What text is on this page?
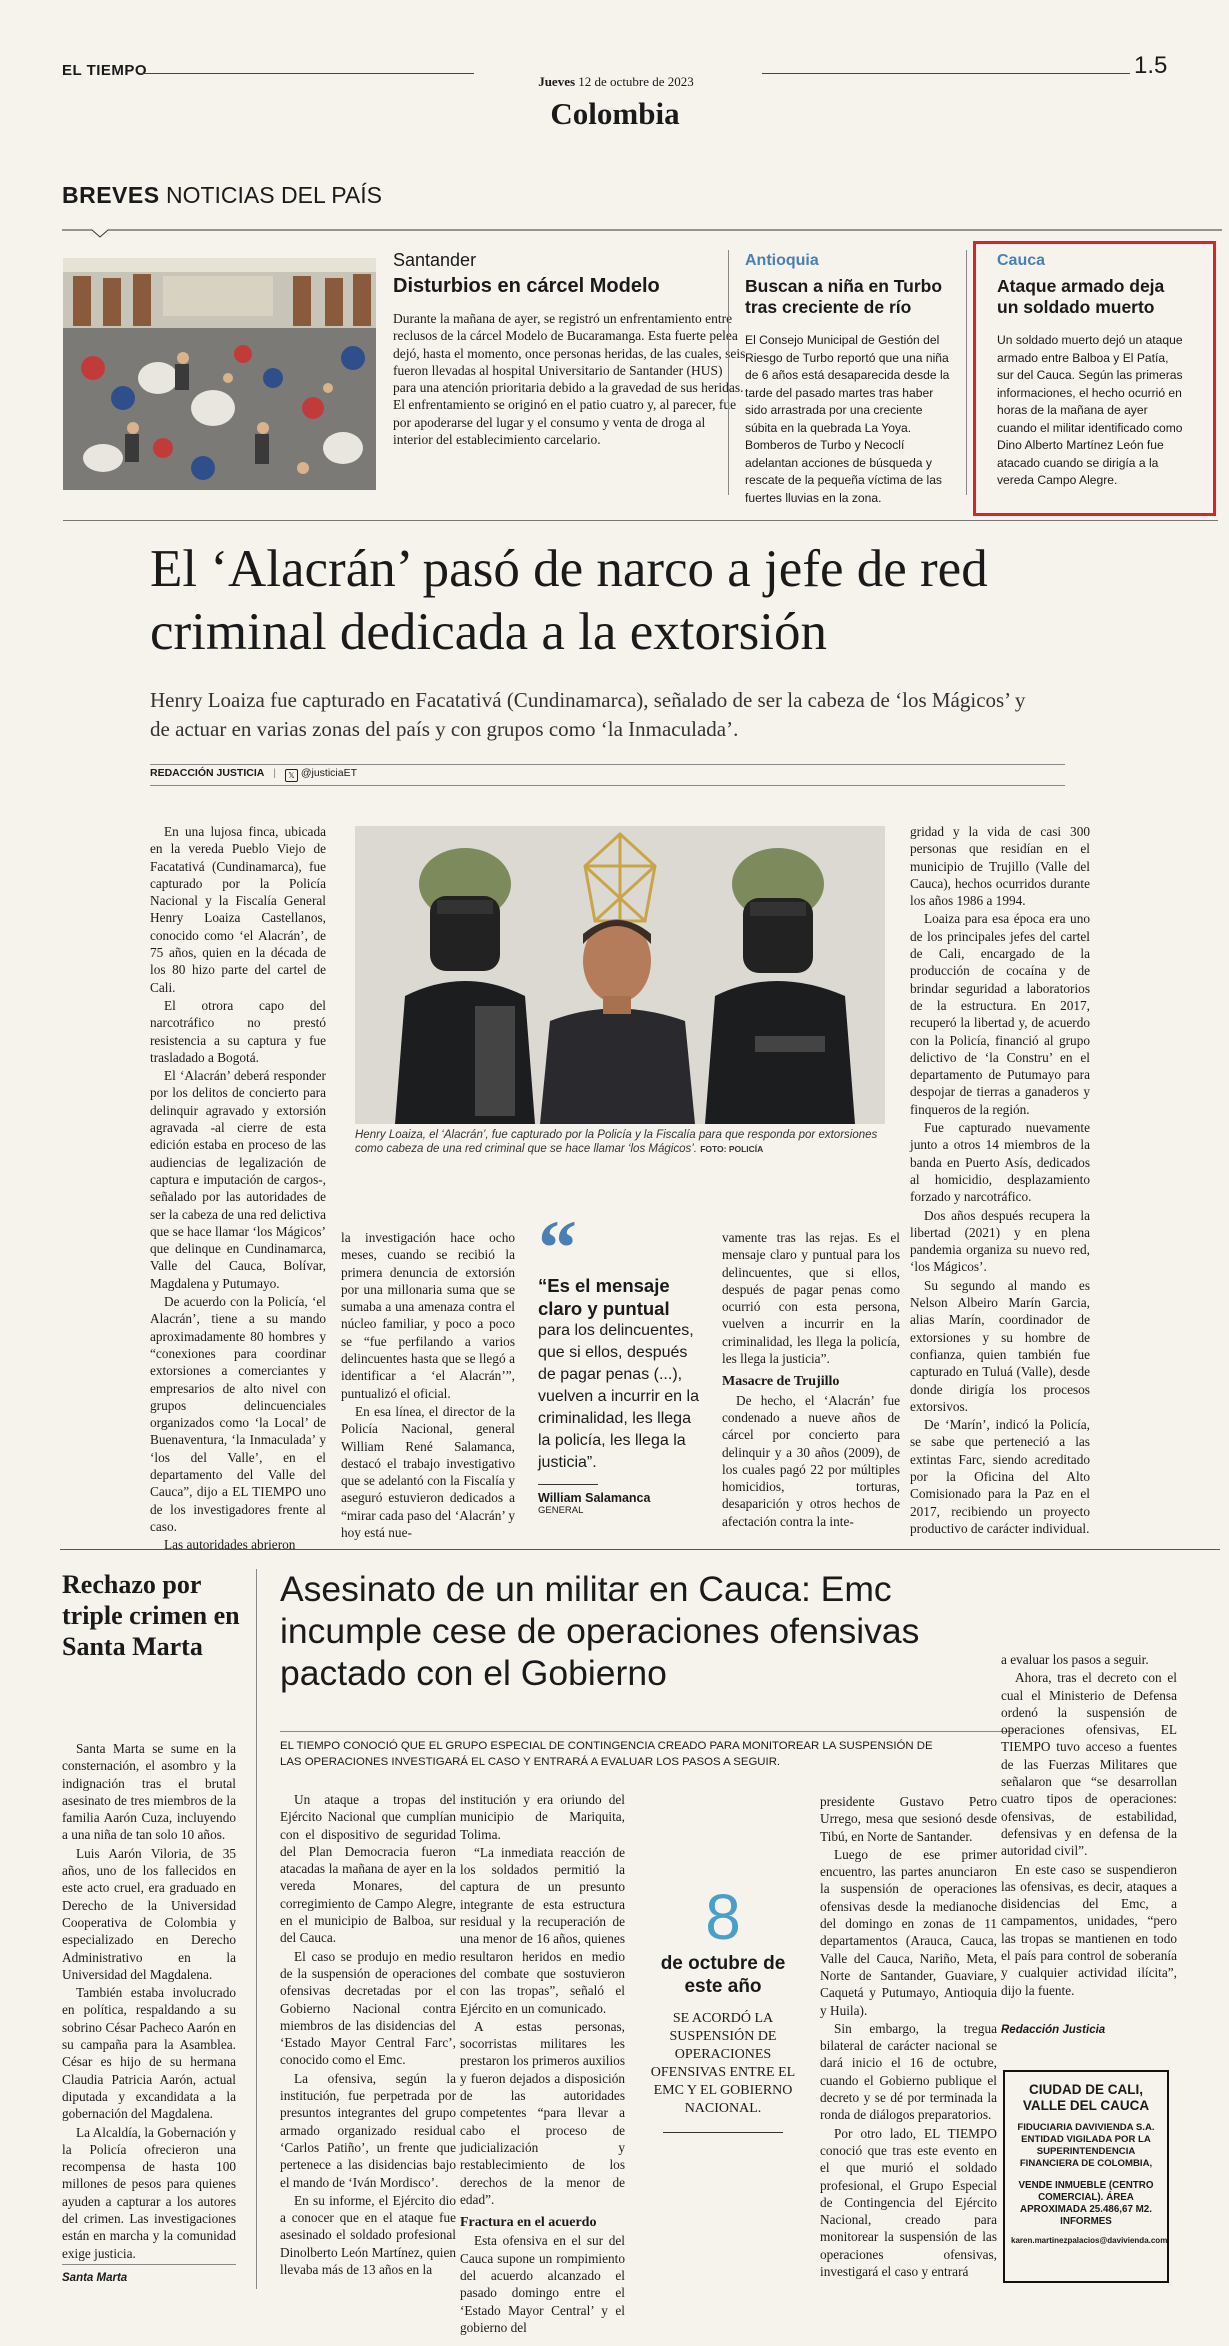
EL TIEMPO
Jueves 12 de octubre de 2023
1.5
Colombia
BREVES NOTICIAS DEL PAÍS
Santander
Disturbios en cárcel Modelo
Durante la mañana de ayer, se registró un enfrentamiento entre reclusos de la cárcel Modelo de Bucaramanga. Esta fuerte pelea dejó, hasta el momento, once personas heridas, de las cuales, seis fueron llevadas al hospital Universitario de Santander (HUS) para una atención prioritaria debido a la gravedad de sus heridas. El enfrentamiento se originó en el patio cuatro y, al parecer, fue por apoderarse del lugar y el consumo y venta de droga al interior del establecimiento carcelario.
Antioquia
Buscan a niña en Turbo tras creciente de río
El Consejo Municipal de Gestión del Riesgo de Turbo reportó que una niña de 6 años está desaparecida desde la tarde del pasado martes tras haber sido arrastrada por una creciente súbita en la quebrada La Yoya. Bomberos de Turbo y Necoclí adelantan acciones de búsqueda y rescate de la pequeña víctima de las fuertes lluvias en la zona.
Cauca
Ataque armado deja un soldado muerto
Un soldado muerto dejó un ataque armado entre Balboa y El Patía, sur del Cauca. Según las primeras informaciones, el hecho ocurrió en horas de la mañana de ayer cuando el militar identificado como Dino Alberto Martínez León fue atacado cuando se dirigía a la vereda Campo Alegre.
El ‘Alacrán’ pasó de narco a jefe de red criminal dedicada a la extorsión
Henry Loaiza fue capturado en Facatativá (Cundinamarca), señalado de ser la cabeza de ‘los Mágicos’ y de actuar en varias zonas del país y con grupos como ‘la Inmaculada’.
REDACCIÓN JUSTICIA | 𝕏 @justiciaET

En una lujosa finca, ubicada en la vereda Pueblo Viejo de Facatativá (Cundinamarca), fue capturado por la Policía Nacional y la Fiscalía General Henry Loaiza Castellanos, conocido como ‘el Alacrán’, de 75 años, quien en la década de los 80 hizo parte del cartel de Cali.

El otrora capo del narcotráfico no prestó resistencia a su captura y fue trasladado a Bogotá.

El ‘Alacrán’ deberá responder por los delitos de concierto para delinquir agravado y extorsión agravada -al cierre de esta edición estaba en proceso de las audiencias de legalización de captura e imputación de cargos-, señalado por las autoridades de ser la cabeza de una red delictiva que se hace llamar ‘los Mágicos’ que delinque en Cundinamarca, Valle del Cauca, Bolívar, Magdalena y Putumayo.

De acuerdo con la Policía, ‘el Alacrán’, tiene a su mando aproximadamente 80 hombres y “conexiones para coordinar extorsiones a comerciantes y empresarios de alto nivel con grupos delincuenciales organizados como ‘la Local’ de Buenaventura, ‘la Inmaculada’ y ‘los del Valle’, en el departamento del Valle del Cauca”, dijo a EL TIEMPO uno de los investigadores frente al caso.

Las autoridades abrieron

Henry Loaiza, el ‘Alacrán’, fue capturado por la Policía y la Fiscalía para que responda por extorsiones como cabeza de una red criminal que se hace llamar ‘los Mágicos’. FOTO: POLICÍA

la investigación hace ocho meses, cuando se recibió la primera denuncia de extorsión por una millonaria suma que se sumaba a una amenaza contra el núcleo familiar, y poco a poco se “fue perfilando a varios delincuentes hasta que se llegó a identificar a ‘el Alacrán’”, puntualizó el oficial.

En esa línea, el director de la Policía Nacional, general William René Salamanca, destacó el trabajo investigativo que se adelantó con la Fiscalía y aseguró estuvieron dedicados a “mirar cada paso del ‘Alacrán’ y hoy está nue-

“
“Es el mensaje claro y puntual
para los delincuentes, que si ellos, después de pagar penas (...), vuelven a incurrir en la criminalidad, les llega la policía, les llega la justicia”.
William Salamanca
GENERAL

vamente tras las rejas. Es el mensaje claro y puntual para los delincuentes, que si ellos, después de pagar penas como ocurrió con esta persona, vuelven a incurrir en la criminalidad, les llega la policía, les llega la justicia”.

Masacre de Trujillo

De hecho, el ‘Alacrán’ fue condenado a nueve años de cárcel por concierto para delinquir y a 30 años (2009), de los cuales pagó 22 por múltiples homicidios, torturas, desaparición y otros hechos de afectación contra la inte-

gridad y la vida de casi 300 personas que residían en el municipio de Trujillo (Valle del Cauca), hechos ocurridos durante los años 1986 a 1994.

Loaiza para esa época era uno de los principales jefes del cartel de Cali, encargado de la producción de cocaína y de brindar seguridad a laboratorios de la estructura. En 2017, recuperó la libertad y, de acuerdo con la Policía, financió al grupo delictivo de ‘la Constru’ en el departamento de Putumayo para despojar de tierras a ganaderos y finqueros de la región.

Fue capturado nuevamente junto a otros 14 miembros de la banda en Puerto Asís, dedicados al homicidio, desplazamiento forzado y narcotráfico.

Dos años después recupera la libertad (2021) y en plena pandemia organiza su nuevo red, ‘los Mágicos’.

Su segundo al mando es Nelson Albeiro Marín Garcia, alias Marín, coordinador de extorsiones y su hombre de confianza, quien también fue capturado en Tuluá (Valle), desde donde dirigía los procesos extorsivos.

De ‘Marín’, indicó la Policía, se sabe que perteneció a las extintas Farc, siendo acreditado por la Oficina del Alto Comisionado para la Paz en el 2017, recibiendo un proyecto productivo de carácter individual.

Rechazo por triple crimen en Santa Marta

Santa Marta se sume en la consternación, el asombro y la indignación tras el brutal asesinato de tres miembros de la familia Aarón Cuza, incluyendo a una niña de tan solo 10 años.

Luis Aarón Viloria, de 35 años, uno de los fallecidos en este acto cruel, era graduado en Derecho de la Universidad Cooperativa de Colombia y especializado en Derecho Administrativo en la Universidad del Magdalena.

También estaba involucrado en política, respaldando a su sobrino César Pacheco Aarón en su campaña para la Asamblea. César es hijo de su hermana Claudia Patricia Aarón, actual diputada y excandidata a la gobernación del Magdalena.

La Alcaldía, la Gobernación y la Policía ofrecieron una recompensa de hasta 100 millones de pesos para quienes ayuden a capturar a los autores del crimen. Las investigaciones están en marcha y la comunidad exige justicia.

Santa Marta
Asesinato de un militar en Cauca: Emc incumple cese de operaciones ofensivas pactado con el Gobierno
EL TIEMPO CONOCIÓ QUE EL GRUPO ESPECIAL DE CONTINGENCIA CREADO PARA MONITOREAR LA SUSPENSIÓN DE LAS OPERACIONES INVESTIGARÁ EL CASO Y ENTRARÁ A EVALUAR LOS PASOS A SEGUIR.

Un ataque a tropas del Ejército Nacional que cumplían con el dispositivo de seguridad del Plan Democracia fueron atacadas la mañana de ayer en la vereda Monares, del corregimiento de Campo Alegre, en el municipio de Balboa, sur del Cauca.

El caso se produjo en medio de la suspensión de operaciones ofensivas decretadas por el Gobierno Nacional contra miembros de las disidencias del ‘Estado Mayor Central Farc’, conocido como el Emc.

La ofensiva, según la institución, fue perpetrada por presuntos integrantes del grupo armado organizado residual ‘Carlos Patiño’, un frente que pertenece a las disidencias bajo el mando de ‘Iván Mordisco’.

En su informe, el Ejército dio a conocer que en el ataque fue asesinado el soldado profesional Dinolberto León Martínez, quien llevaba más de 13 años en la

institución y era oriundo del municipio de Mariquita, Tolima.

“La inmediata reacción de los soldados permitió la captura de un presunto integrante de esta estructura residual y la recuperación de una menor de 16 años, quienes resultaron heridos en medio del combate que sostuvieron con las tropas”, señaló el Ejército en un comunicado.

A estas personas, socorristas militares les prestaron los primeros auxilios y fueron dejados a disposición de las autoridades competentes “para llevar a cabo el proceso de judicialización y restablecimiento de los derechos de la menor de edad”.

Fractura en el acuerdo

Esta ofensiva en el sur del Cauca supone un rompimiento del acuerdo alcanzado el pasado domingo entre el ‘Estado Mayor Central’ y el gobierno del

8
de octubre de este año
SE ACORDÓ LA SUSPENSIÓN DE OPERACIONES OFENSIVAS ENTRE EL EMC Y EL GOBIERNO NACIONAL.

presidente Gustavo Petro Urrego, mesa que sesionó desde Tibú, en Norte de Santander.

Luego de ese primer encuentro, las partes anunciaron la suspensión de operaciones ofensivas desde la medianoche del domingo en zonas de 11 departamentos (Arauca, Cauca, Valle del Cauca, Nariño, Meta, Norte de Santander, Guaviare, Caquetá y Putumayo, Antioquia y Huila).

Sin embargo, la tregua bilateral de carácter nacional se dará inicio el 16 de octubre, cuando el Gobierno publique el decreto y se dé por terminada la ronda de diálogos preparatorios.

Por otro lado, EL TIEMPO conoció que tras este evento en el que murió el soldado profesional, el Grupo Especial de Contingencia del Ejército Nacional, creado para monitorear la suspensión de las operaciones ofensivas, investigará el caso y entrará

a evaluar los pasos a seguir.

Ahora, tras el decreto con el cual el Ministerio de Defensa ordenó la suspensión de operaciones ofensivas, EL TIEMPO tuvo acceso a fuentes de las Fuerzas Militares que señalaron que “se desarrollan cuatro tipos de operaciones: ofensivas, de estabilidad, defensivas y en defensa de la autoridad civil”.

En este caso se suspendieron las ofensivas, es decir, ataques a disidencias del Emc, a campamentos, unidades, “pero las tropas se mantienen en todo el país para control de soberanía y cualquier actividad ilícita”, dijo la fuente.

Redacción Justicia
CIUDAD DE CALI, VALLE DEL CAUCA
FIDUCIARIA DAVIVIENDA S.A. ENTIDAD VIGILADA POR LA SUPERINTENDENCIA FINANCIERA DE COLOMBIA,
VENDE INMUEBLE (CENTRO COMERCIAL). ÁREA APROXIMADA 25.486,67 M2. INFORMES
karen.martinezpalacios@davivienda.com
